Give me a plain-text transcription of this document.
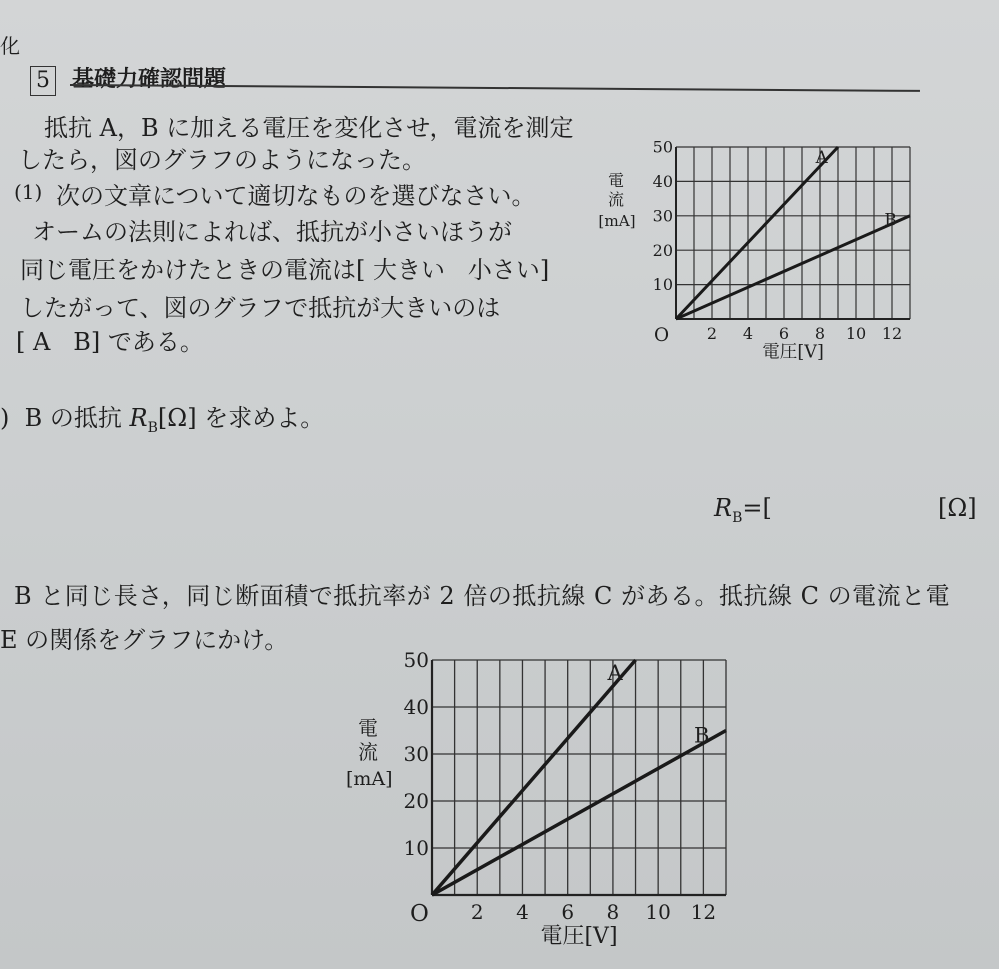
化
5 基礎力確認問題
抵抗 A，B に加える電圧を変化させ，電流を測定
したら，図のグラフのようになった。
(1) 次の文章について適切なものを選びなさい。
オームの法則によれば、抵抗が小さいほうが
同じ電圧をかけたときの電流は[ 大きい 小さい]
したがって、図のグラフで抵抗が大きいのは
[ A B] である。
) B の抵抗 $R_B[\Omega]$ を求めよ。
$R_B=$[	[Ω]
B と同じ長さ，同じ断面積で抵抗率が 2 倍の抵抗線 C がある。抵抗線 C の電流と電
E の関係をグラフにかけ。
2 4 6 8 10 12
10
20
30
40
50
O
電
流
[mA]
電圧[V]
A
B
2 4 6 8 10 12
10
20
30
40
50
O
電
流
[mA]
電圧[V]
A
B
